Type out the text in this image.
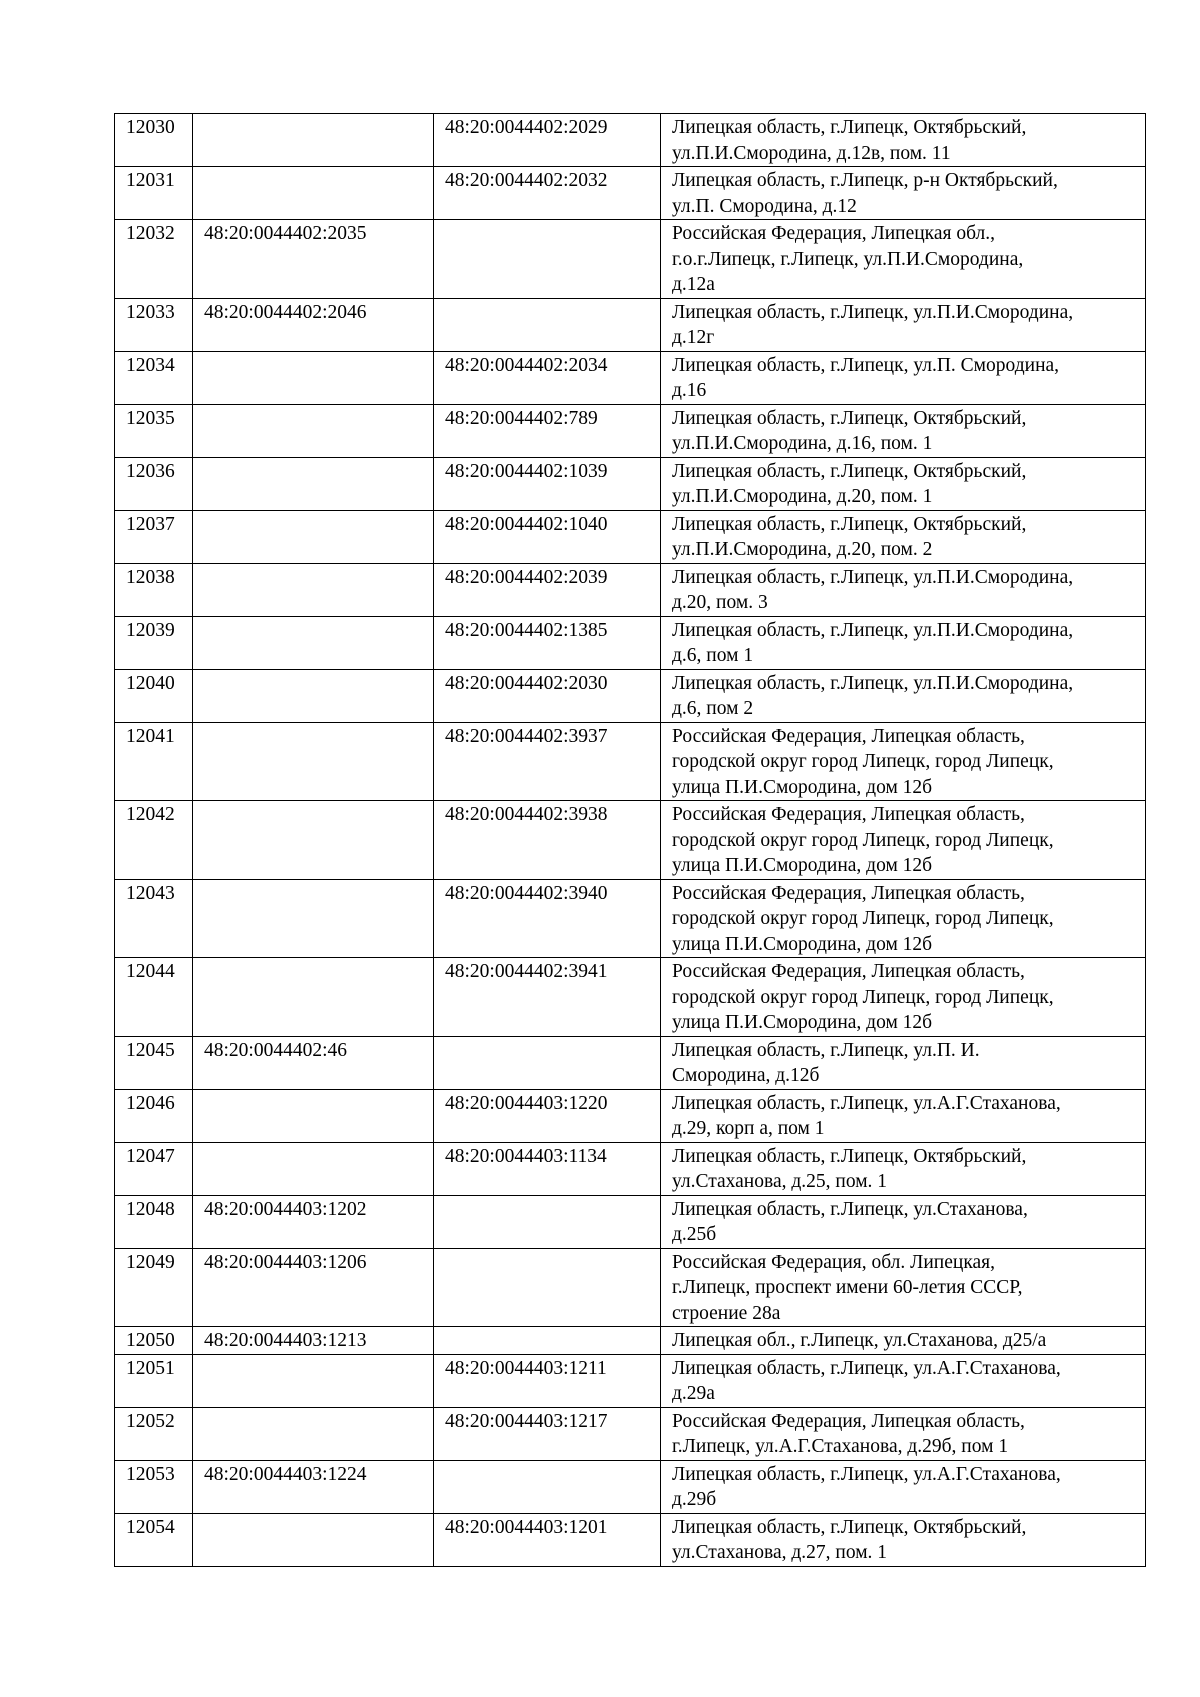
12030		48:20:0044402:2029	Липецкая область, г.Липецк, Октябрьский,
ул.П.И.Смородина, д.12в, пом. 11
12031		48:20:0044402:2032	Липецкая область, г.Липецк, р-н Октябрьский,
ул.П. Смородина, д.12
12032	48:20:0044402:2035		Российская Федерация, Липецкая обл.,
г.о.г.Липецк, г.Липецк, ул.П.И.Смородина,
д.12а
12033	48:20:0044402:2046		Липецкая область, г.Липецк, ул.П.И.Смородина,
д.12г
12034		48:20:0044402:2034	Липецкая область, г.Липецк, ул.П. Смородина,
д.16
12035		48:20:0044402:789	Липецкая область, г.Липецк, Октябрьский,
ул.П.И.Смородина, д.16, пом. 1
12036		48:20:0044402:1039	Липецкая область, г.Липецк, Октябрьский,
ул.П.И.Смородина, д.20, пом. 1
12037		48:20:0044402:1040	Липецкая область, г.Липецк, Октябрьский,
ул.П.И.Смородина, д.20, пом. 2
12038		48:20:0044402:2039	Липецкая область, г.Липецк, ул.П.И.Смородина,
д.20, пом. 3
12039		48:20:0044402:1385	Липецкая область, г.Липецк, ул.П.И.Смородина,
д.6, пом 1
12040		48:20:0044402:2030	Липецкая область, г.Липецк, ул.П.И.Смородина,
д.6, пом 2
12041		48:20:0044402:3937	Российская Федерация, Липецкая область,
городской округ город Липецк, город Липецк,
улица П.И.Смородина, дом 12б
12042		48:20:0044402:3938	Российская Федерация, Липецкая область,
городской округ город Липецк, город Липецк,
улица П.И.Смородина, дом 12б
12043		48:20:0044402:3940	Российская Федерация, Липецкая область,
городской округ город Липецк, город Липецк,
улица П.И.Смородина, дом 12б
12044		48:20:0044402:3941	Российская Федерация, Липецкая область,
городской округ город Липецк, город Липецк,
улица П.И.Смородина, дом 12б
12045	48:20:0044402:46		Липецкая область, г.Липецк, ул.П. И.
Смородина, д.12б
12046		48:20:0044403:1220	Липецкая область, г.Липецк, ул.А.Г.Стаханова,
д.29, корп а, пом 1
12047		48:20:0044403:1134	Липецкая область, г.Липецк, Октябрьский,
ул.Стаханова, д.25, пом. 1
12048	48:20:0044403:1202		Липецкая область, г.Липецк, ул.Стаханова,
д.25б
12049	48:20:0044403:1206		Российская Федерация, обл. Липецкая,
г.Липецк, проспект имени 60-летия СССР,
строение 28а
12050	48:20:0044403:1213		Липецкая обл., г.Липецк, ул.Стаханова, д25/а
12051		48:20:0044403:1211	Липецкая область, г.Липецк, ул.А.Г.Стаханова,
д.29а
12052		48:20:0044403:1217	Российская Федерация, Липецкая область,
г.Липецк, ул.А.Г.Стаханова, д.29б, пом 1
12053	48:20:0044403:1224		Липецкая область, г.Липецк, ул.А.Г.Стаханова,
д.29б
12054		48:20:0044403:1201	Липецкая область, г.Липецк, Октябрьский,
ул.Стаханова, д.27, пом. 1
